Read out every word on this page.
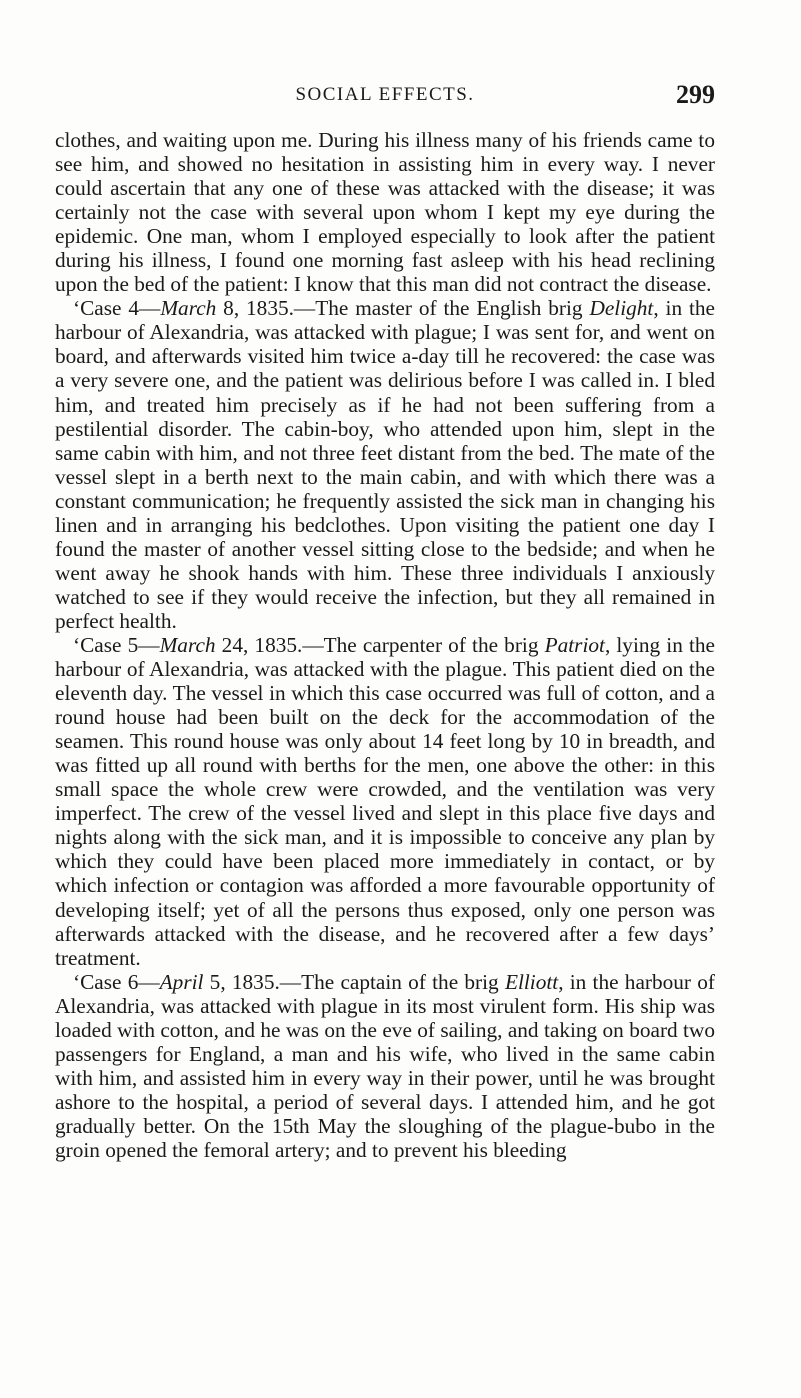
SOCIAL EFFECTS.	299

clothes, and waiting upon me. During his illness many of his friends came to see him, and showed no hesitation in assisting him in every way. I never could ascertain that any one of these was attacked with the disease; it was certainly not the case with several upon whom I kept my eye during the epidemic. One man, whom I employed especially to look after the patient during his illness, I found one morning fast asleep with his head reclining upon the bed of the patient: I know that this man did not contract the disease.

‘Case 4—March 8, 1835.—The master of the English brig Delight, in the harbour of Alexandria, was attacked with plague; I was sent for, and went on board, and afterwards visited him twice a-day till he recovered: the case was a very severe one, and the patient was delirious before I was called in. I bled him, and treated him precisely as if he had not been suffering from a pestilential disorder. The cabin-boy, who attended upon him, slept in the same cabin with him, and not three feet distant from the bed. The mate of the vessel slept in a berth next to the main cabin, and with which there was a constant communication; he frequently assisted the sick man in changing his linen and in arranging his bedclothes. Upon visiting the patient one day I found the master of another vessel sitting close to the bedside; and when he went away he shook hands with him. These three individuals I anxiously watched to see if they would receive the infection, but they all remained in perfect health.

‘Case 5—March 24, 1835.—The carpenter of the brig Patriot, lying in the harbour of Alexandria, was attacked with the plague. This patient died on the eleventh day. The vessel in which this case occurred was full of cotton, and a round house had been built on the deck for the accommodation of the seamen. This round house was only about 14 feet long by 10 in breadth, and was fitted up all round with berths for the men, one above the other: in this small space the whole crew were crowded, and the ventilation was very imperfect. The crew of the vessel lived and slept in this place five days and nights along with the sick man, and it is impossible to conceive any plan by which they could have been placed more immediately in contact, or by which infection or contagion was afforded a more favourable opportunity of developing itself; yet of all the persons thus exposed, only one person was afterwards attacked with the disease, and he recovered after a few days’ treatment.

‘Case 6—April 5, 1835.—The captain of the brig Elliott, in the harbour of Alexandria, was attacked with plague in its most virulent form. His ship was loaded with cotton, and he was on the eve of sailing, and taking on board two passengers for England, a man and his wife, who lived in the same cabin with him, and assisted him in every way in their power, until he was brought ashore to the hospital, a period of several days. I attended him, and he got gradually better. On the 15th May the sloughing of the plague-bubo in the groin opened the femoral artery; and to prevent his bleeding
